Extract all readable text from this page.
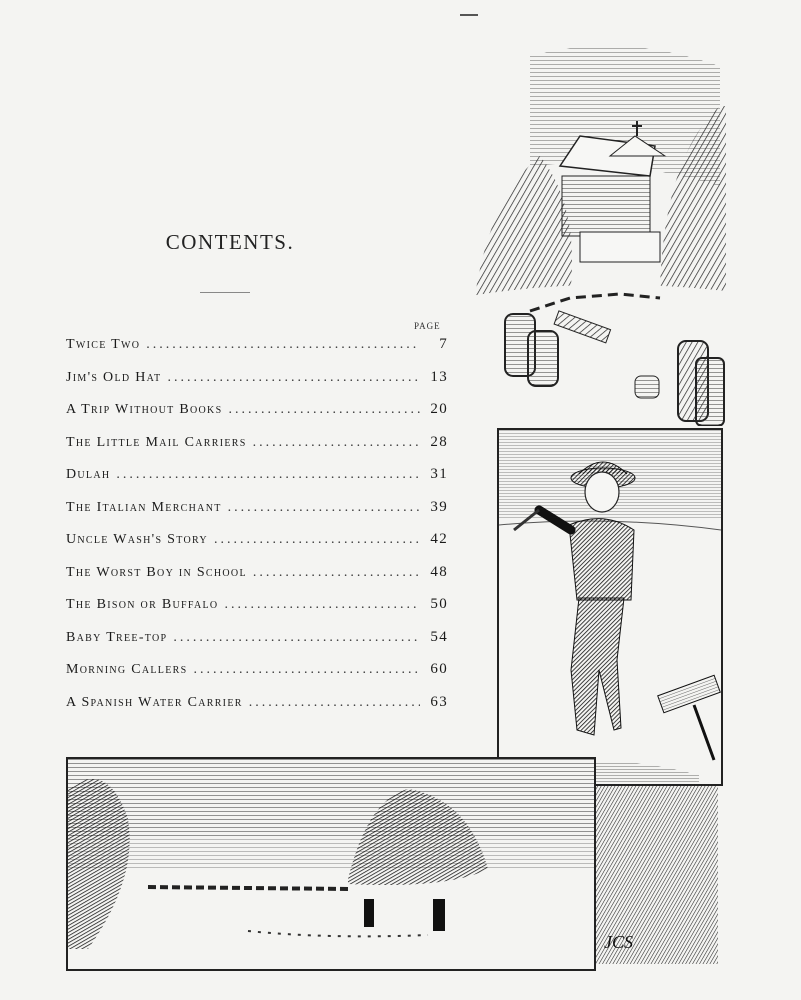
CONTENTS.
PAGE
Twice Two .....	7
Jim's Old Hat .....	13
A Trip Without Books .....	20
The Little Mail Carriers .....	28
Dulah .....	31
The Italian Merchant .....	39
Uncle Wash's Story .....	42
The Worst Boy in School .....	48
The Bison or Buffalo .....	50
Baby Tree-top .....	54
Morning Callers .....	60
A Spanish Water Carrier .....	63
JCS
